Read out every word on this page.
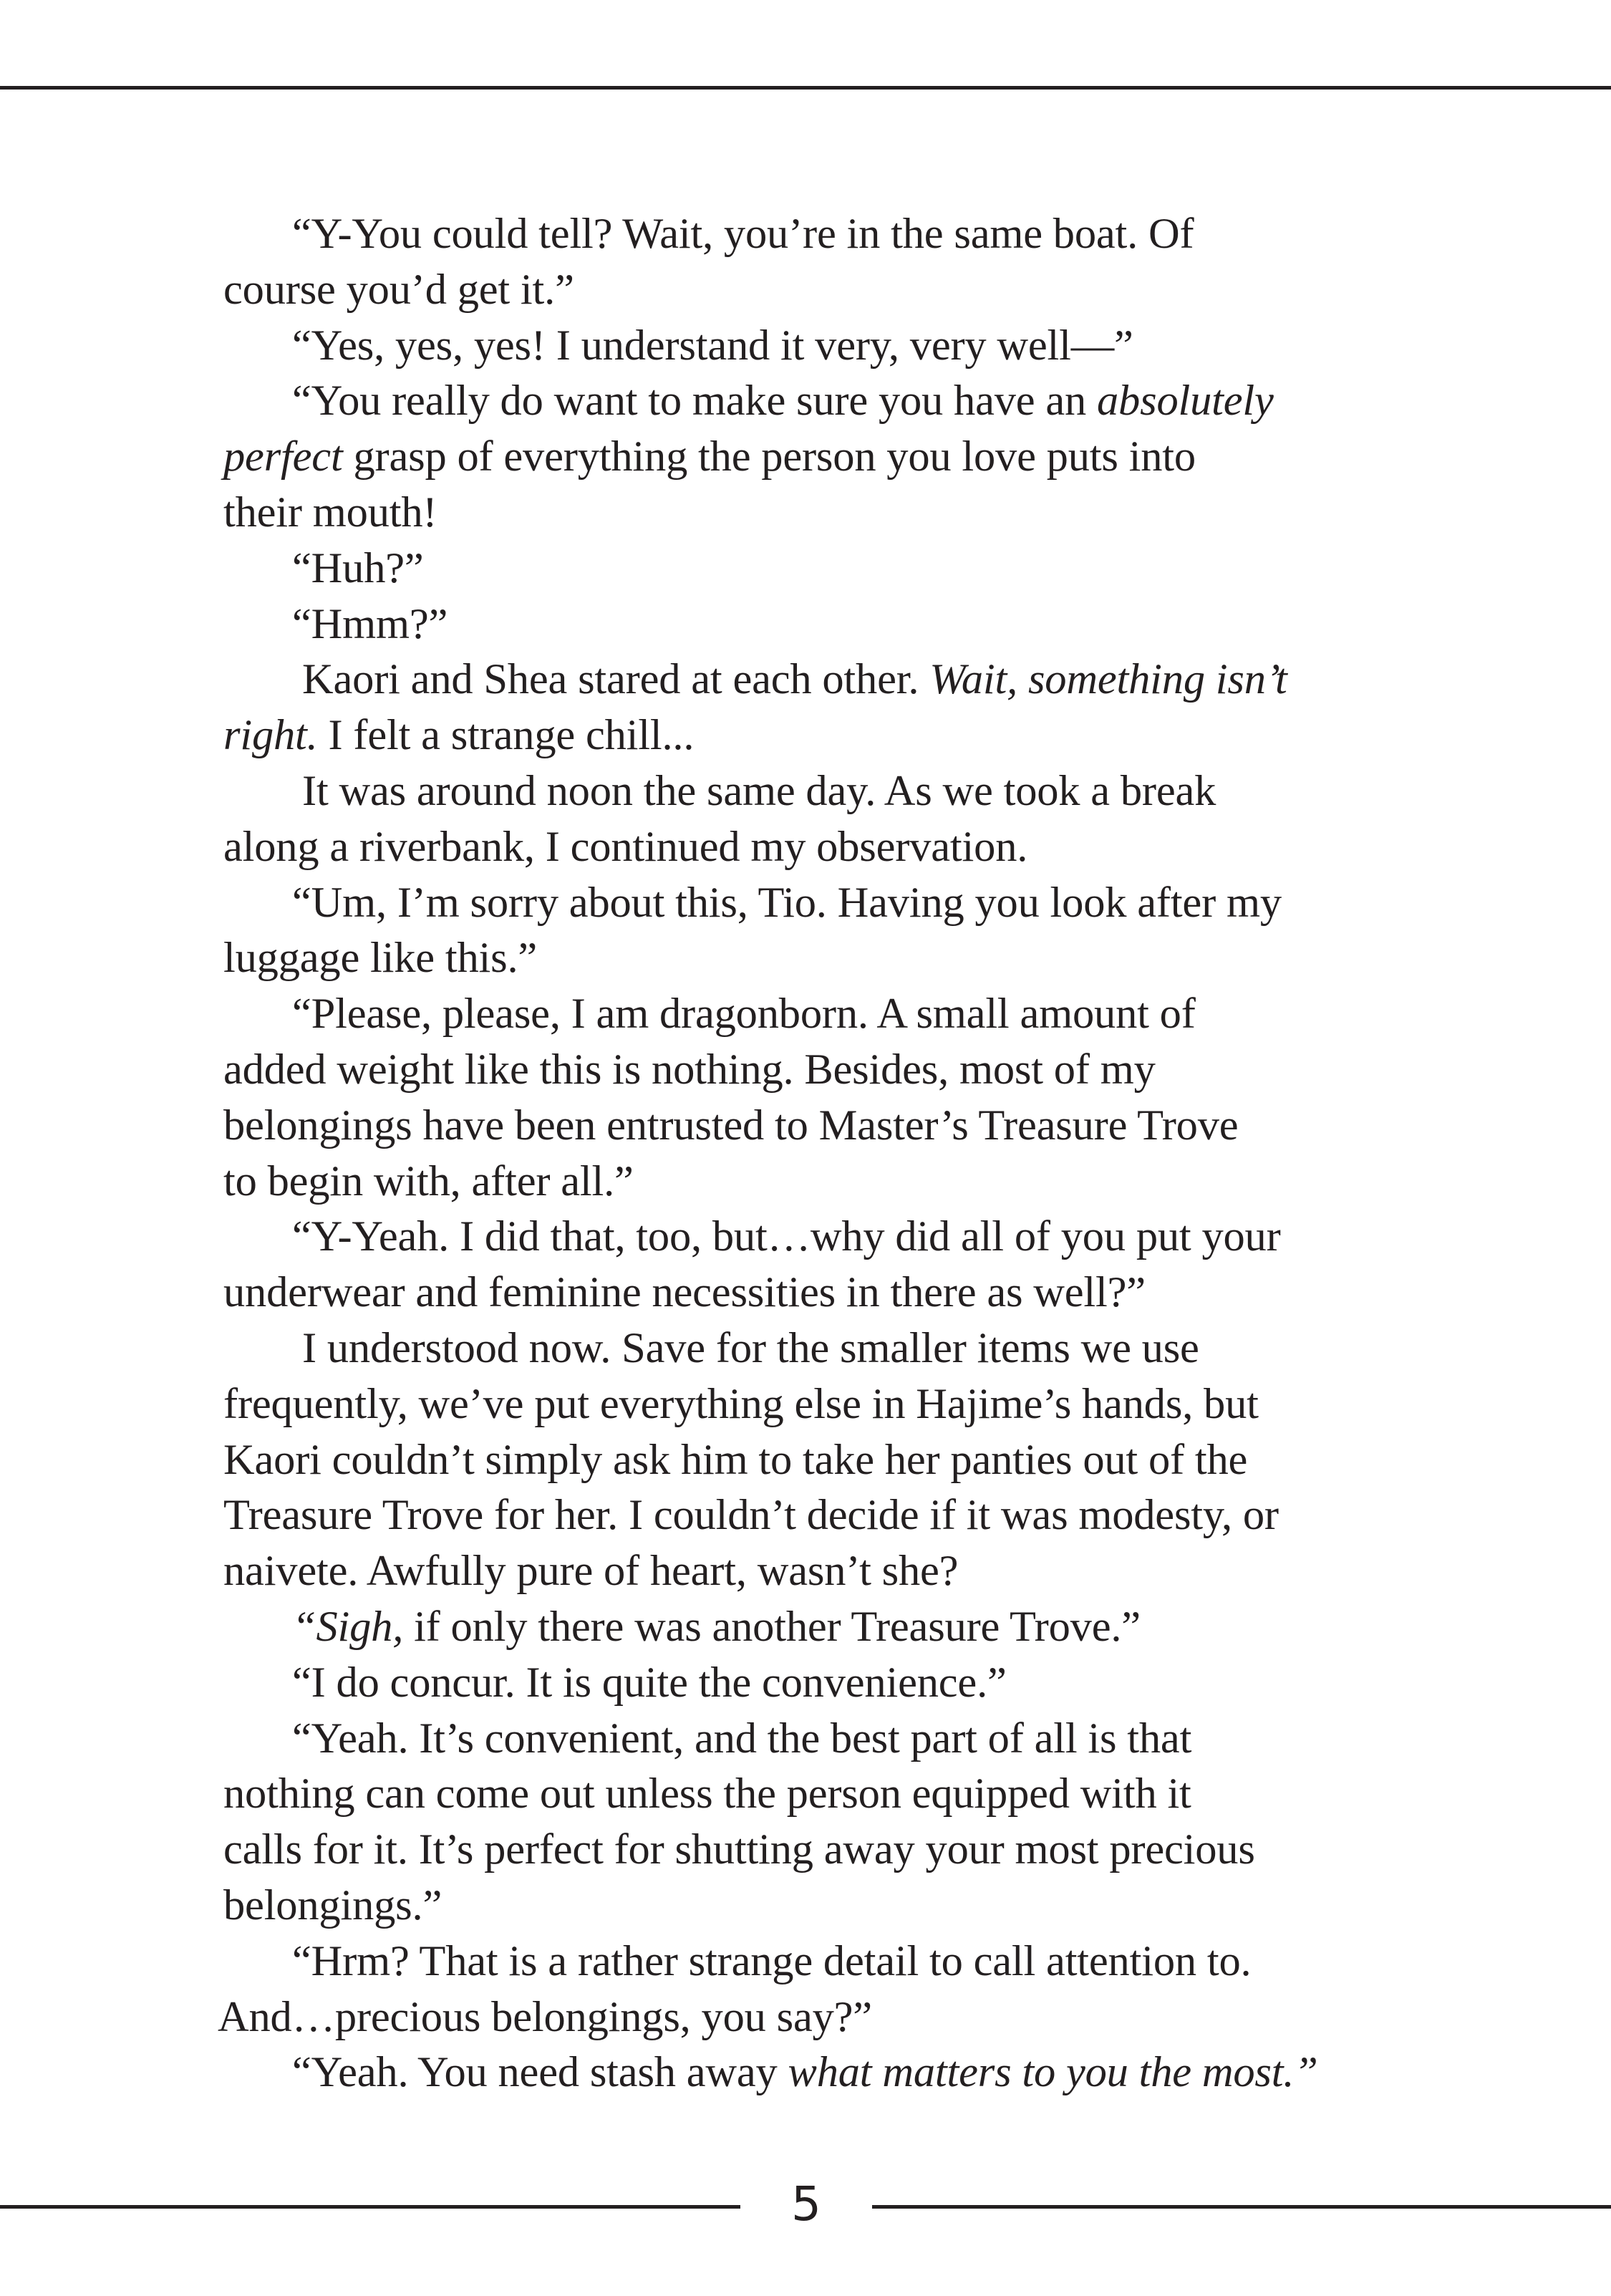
“Y-You could tell? Wait, you’re in the same boat. Of
course you’d get it.”
“Yes, yes, yes! I understand it very, very well—”
“You really do want to make sure you have an absolutely
perfect grasp of everything the person you love puts into
their mouth!
“Huh?”
“Hmm?”
Kaori and Shea stared at each other. Wait, something isn’t
right. I felt a strange chill...
It was around noon the same day. As we took a break
along a riverbank, I continued my observation.
“Um, I’m sorry about this, Tio. Having you look after my
luggage like this.”
“Please, please, I am dragonborn. A small amount of
added weight like this is nothing. Besides, most of my
belongings have been entrusted to Master’s Treasure Trove
to begin with, after all.”
“Y-Yeah. I did that, too, but…why did all of you put your
underwear and feminine necessities in there as well?”
I understood now. Save for the smaller items we use
frequently, we’ve put everything else in Hajime’s hands, but
Kaori couldn’t simply ask him to take her panties out of the
Treasure Trove for her. I couldn’t decide if it was modesty, or
naivete. Awfully pure of heart, wasn’t she?
“Sigh, if only there was another Treasure Trove.”
“I do concur. It is quite the convenience.”
“Yeah. It’s convenient, and the best part of all is that
nothing can come out unless the person equipped with it
calls for it. It’s perfect for shutting away your most precious
belongings.”
“Hrm? That is a rather strange detail to call attention to.
And…precious belongings, you say?”
“Yeah. You need stash away what matters to you the most.”
5
